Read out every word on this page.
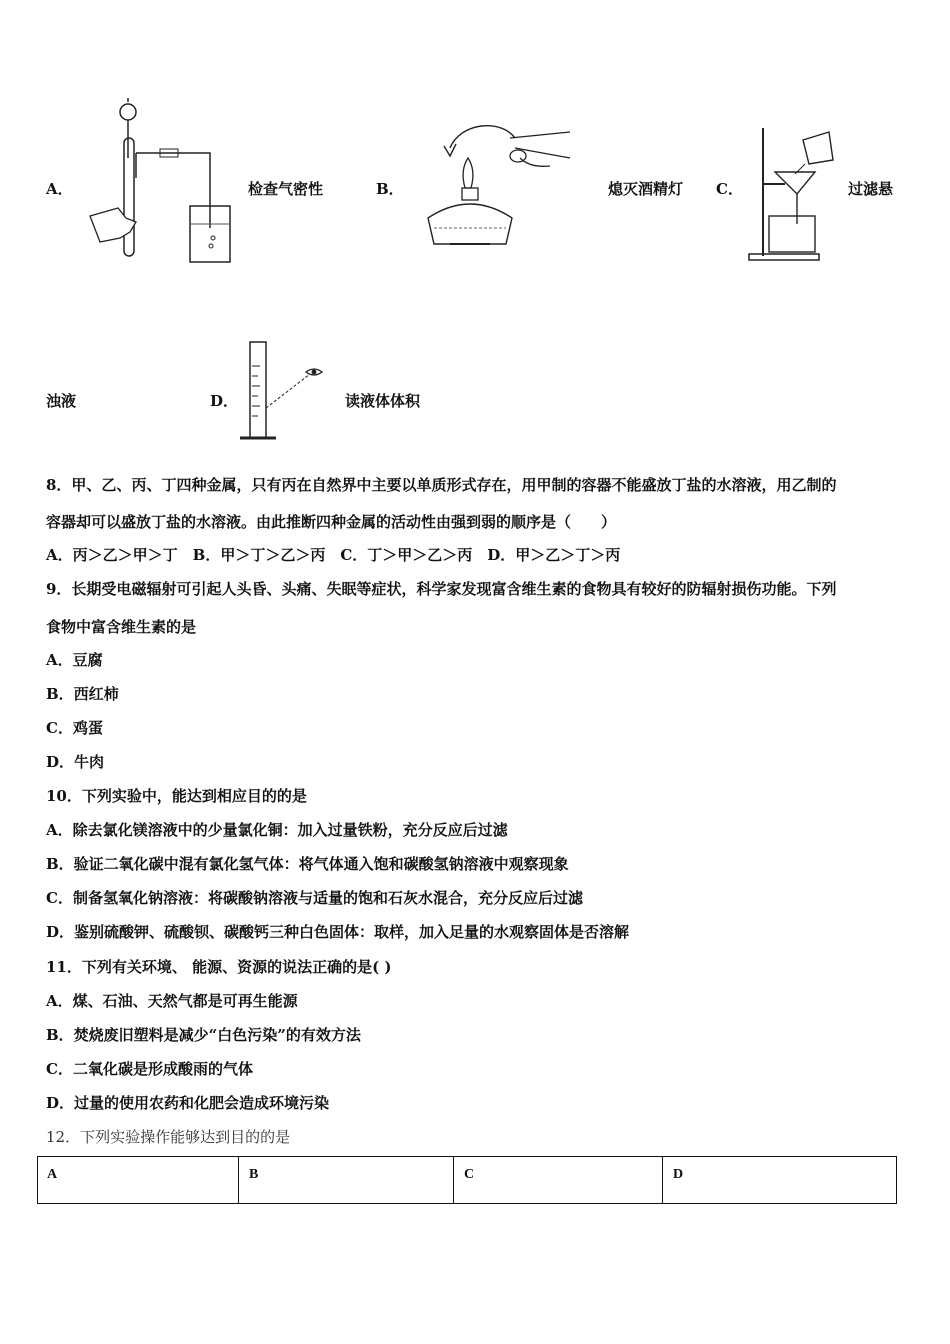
A．	检查气密性	B．	熄灭酒精灯 C．	过滤悬
浊液	D．	读液体体积
8．甲、乙、丙、丁四种金属，只有丙在自然界中主要以单质形式存在，用甲制的容器不能盛放丁盐的水溶液，用乙制的
容器却可以盛放丁盐的水溶液。由此推断四种金属的活动性由强到弱的顺序是（　　）
A．丙＞乙＞甲＞丁　B．甲＞丁＞乙＞丙　C．丁＞甲＞乙＞丙　D．甲＞乙＞丁＞丙
9．长期受电磁辐射可引起人头昏、头痛、失眠等症状，科学家发现富含维生素的食物具有较好的防辐射损伤功能。下列
食物中富含维生素的是
A．豆腐
B．西红柿
C．鸡蛋
D．牛肉
10．下列实验中，能达到相应目的的是
A．除去氯化镁溶液中的少量氯化铜：加入过量铁粉，充分反应后过滤
B．验证二氧化碳中混有氯化氢气体：将气体通入饱和碳酸氢钠溶液中观察现象
C．制备氢氧化钠溶液：将碳酸钠溶液与适量的饱和石灰水混合，充分反应后过滤
D．鉴别硫酸钾、硫酸钡、碳酸钙三种白色固体：取样，加入足量的水观察固体是否溶解
11．下列有关环境、 能源、资源的说法正确的是( )
A．煤、石油、天然气都是可再生能源
B．焚烧废旧塑料是减少“白色污染”的有效方法
C．二氧化碳是形成酸雨的气体
D．过量的使用农药和化肥会造成环境污染
12．下列实验操作能够达到目的的是
A	B	C	D
